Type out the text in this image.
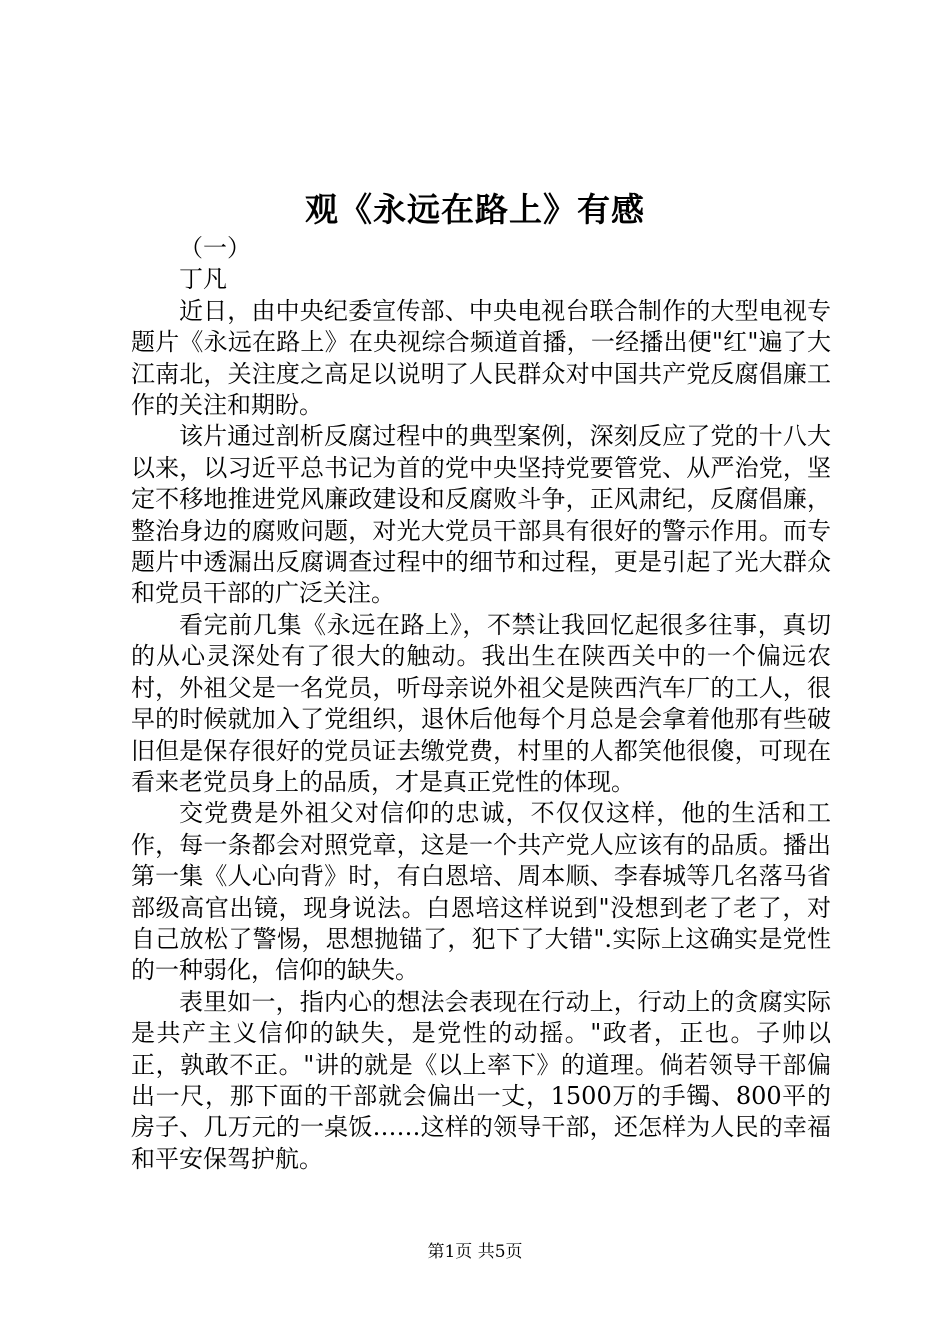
观《永远在路上》有感

（一）

丁凡

近日，由中央纪委宣传部、中央电视台联合制作的大型电视专题片《永远在路上》在央视综合频道首播，一经播出便"红"遍了大江南北，关注度之高足以说明了人民群众对中国共产党反腐倡廉工作的关注和期盼。

该片通过剖析反腐过程中的典型案例，深刻反应了党的十八大以来，以习近平总书记为首的党中央坚持党要管党、从严治党，坚定不移地推进党风廉政建设和反腐败斗争，正风肃纪，反腐倡廉，整治身边的腐败问题，对光大党员干部具有很好的警示作用。而专题片中透漏出反腐调查过程中的细节和过程，更是引起了光大群众和党员干部的广泛关注。

看完前几集《永远在路上》，不禁让我回忆起很多往事，真切的从心灵深处有了很大的触动。我出生在陕西关中的一个偏远农村，外祖父是一名党员，听母亲说外祖父是陕西汽车厂的工人，很早的时候就加入了党组织，退休后他每个月总是会拿着他那有些破旧但是保存很好的党员证去缴党费，村里的人都笑他很傻，可现在看来老党员身上的品质，才是真正党性的体现。

交党费是外祖父对信仰的忠诚，不仅仅这样，他的生活和工作，每一条都会对照党章，这是一个共产党人应该有的品质。播出第一集《人心向背》时，有白恩培、周本顺、李春城等几名落马省部级高官出镜，现身说法。白恩培这样说到"没想到老了老了，对自己放松了警惕，思想抛锚了，犯下了大错".实际上这确实是党性的一种弱化，信仰的缺失。

表里如一，指内心的想法会表现在行动上，行动上的贪腐实际是共产主义信仰的缺失，是党性的动摇。"政者，正也。子帅以正，孰敢不正。"讲的就是《以上率下》的道理。倘若领导干部偏出一尺，那下面的干部就会偏出一丈，1500万的手镯、800平的房子、几万元的一桌饭……这样的领导干部，还怎样为人民的幸福和平安保驾护航。

第1页 共5页
